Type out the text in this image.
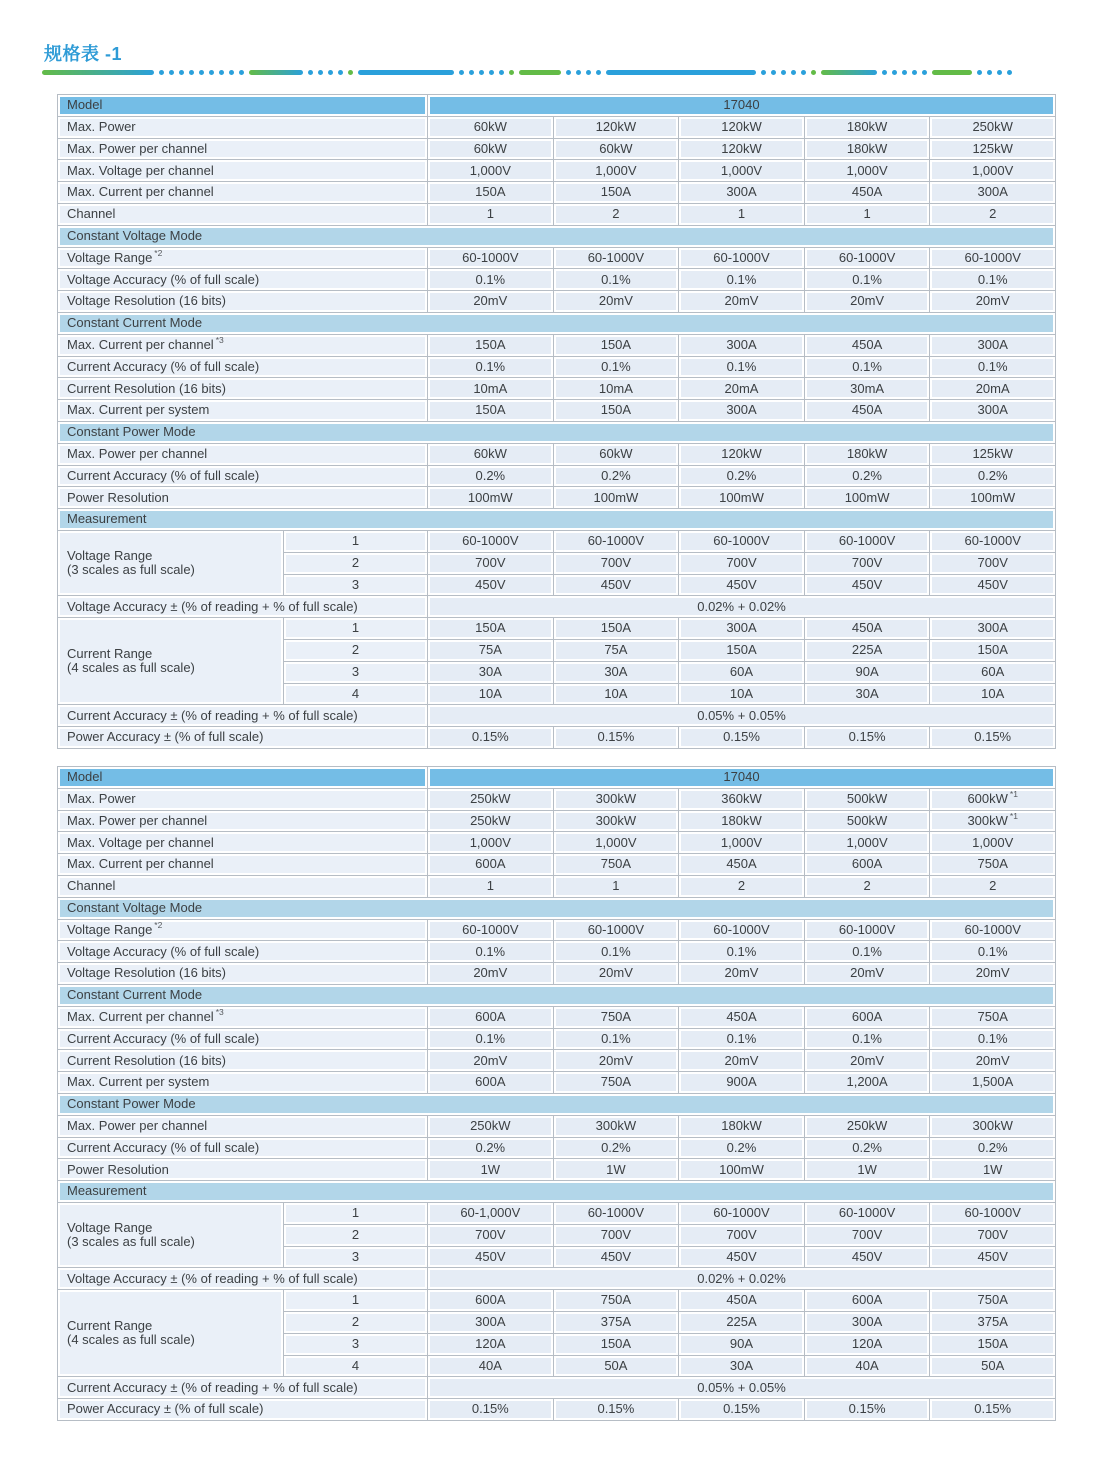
规格表 -1
Model		17040				
Max. Power		60kW	120kW	120kW	180kW	250kW
Max. Power per channel		60kW	60kW	120kW	180kW	125kW
Max. Voltage per channel		1,000V	1,000V	1,000V	1,000V	1,000V
Max. Current per channel		150A	150A	300A	450A	300A
Channel		1	2	1	1	2
Constant Voltage Mode						
Voltage Range $^{*2}$		60-1000V	60-1000V	60-1000V	60-1000V	60-1000V
Voltage Accuracy (% of full scale)		0.1%	0.1%	0.1%	0.1%	0.1%
Voltage Resolution (16 bits)		20mV	20mV	20mV	20mV	20mV
Constant Current Mode						
Max. Current per channel $^{*3}$		150A	150A	300A	450A	300A
Current Accuracy (% of full scale)		0.1%	0.1%	0.1%	0.1%	0.1%
Current Resolution (16 bits)		10mA	10mA	20mA	30mA	20mA
Max. Current per system		150A	150A	300A	450A	300A
Constant Power Mode						
Max. Power per channel		60kW	60kW	120kW	180kW	125kW
Current Accuracy (% of full scale)		0.2%	0.2%	0.2%	0.2%	0.2%
Power Resolution		100mW	100mW	100mW	100mW	100mW
Measurement						
Voltage Range
(3 scales as full scale)	1	60-1000V	60-1000V	60-1000V	60-1000V	60-1000V
	2	700V	700V	700V	700V	700V
	3	450V	450V	450V	450V	450V
Voltage Accuracy ± (% of reading + % of full scale)		0.02% + 0.02%				
Current Range
(4 scales as full scale)	1	150A	150A	300A	450A	300A
	2	75A	75A	150A	225A	150A
	3	30A	30A	60A	90A	60A
	4	10A	10A	10A	30A	10A
Current Accuracy ± (% of reading + % of full scale)		0.05% + 0.05%				
Power Accuracy ± (% of full scale)		0.15%	0.15%	0.15%	0.15%	0.15%
Model		17040				
Max. Power		250kW	300kW	360kW	500kW	600kW $^{*1}$
Max. Power per channel		250kW	300kW	180kW	500kW	300kW $^{*1}$
Max. Voltage per channel		1,000V	1,000V	1,000V	1,000V	1,000V
Max. Current per channel		600A	750A	450A	600A	750A
Channel		1	1	2	2	2
Constant Voltage Mode						
Voltage Range $^{*2}$		60-1000V	60-1000V	60-1000V	60-1000V	60-1000V
Voltage Accuracy (% of full scale)		0.1%	0.1%	0.1%	0.1%	0.1%
Voltage Resolution (16 bits)		20mV	20mV	20mV	20mV	20mV
Constant Current Mode						
Max. Current per channel $^{*3}$		600A	750A	450A	600A	750A
Current Accuracy (% of full scale)		0.1%	0.1%	0.1%	0.1%	0.1%
Current Resolution (16 bits)		20mV	20mV	20mV	20mV	20mV
Max. Current per system		600A	750A	900A	1,200A	1,500A
Constant Power Mode						
Max. Power per channel		250kW	300kW	180kW	250kW	300kW
Current Accuracy (% of full scale)		0.2%	0.2%	0.2%	0.2%	0.2%
Power Resolution		1W	1W	100mW	1W	1W
Measurement						
Voltage Range
(3 scales as full scale)	1	60-1,000V	60-1000V	60-1000V	60-1000V	60-1000V
	2	700V	700V	700V	700V	700V
	3	450V	450V	450V	450V	450V
Voltage Accuracy ± (% of reading + % of full scale)		0.02% + 0.02%				
Current Range
(4 scales as full scale)	1	600A	750A	450A	600A	750A
	2	300A	375A	225A	300A	375A
	3	120A	150A	90A	120A	150A
	4	40A	50A	30A	40A	50A
Current Accuracy ± (% of reading + % of full scale)		0.05% + 0.05%				
Power Accuracy ± (% of full scale)		0.15%	0.15%	0.15%	0.15%	0.15%
